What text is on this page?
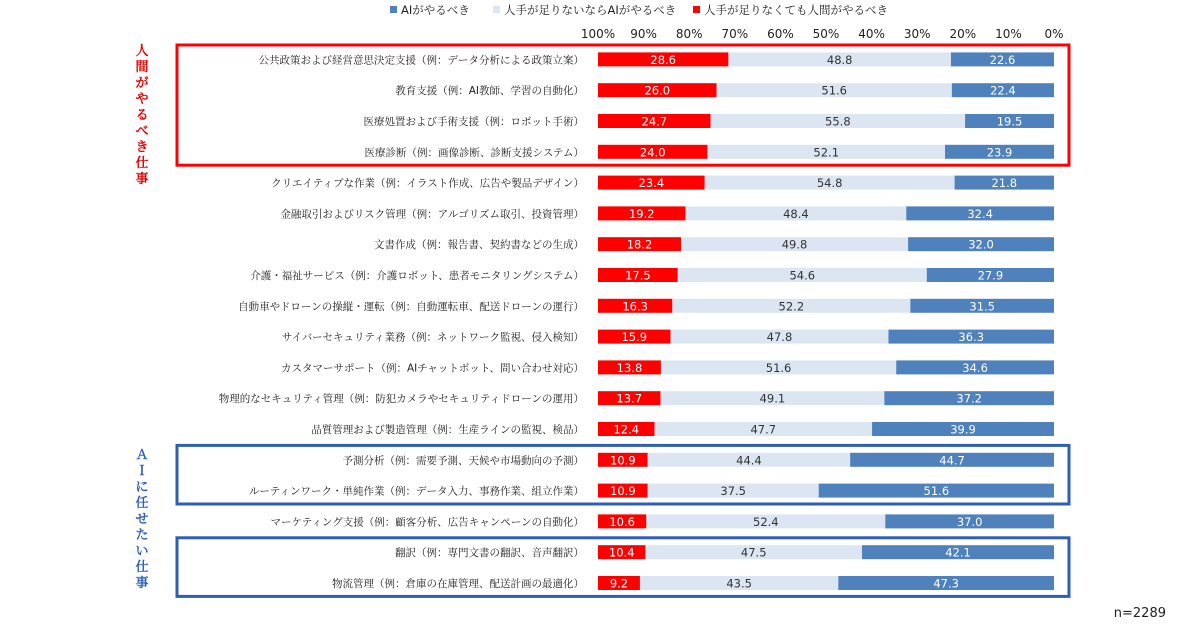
AIがやるべき	人手が足りないならAIがやるべき 人手が足りなくても人間がやるべき
100% 90% 80% 70% 60% 50% 40% 30% 20% 10% 0%
公共政策および経営意思決定支援（例：データ分析による政策立案）	28.6	48.8	22.6
教育支援（例：AI教師、学習の自動化）	26.0	51.6	22.4
医療処置および手術支援（例：ロボット手術）	24.7	55.8	19.5
医療診断（例：画像診断、診断支援システム）	24.0	52.1	23.9
クリエイティブな作業（例：イラスト作成、広告や製品デザイン）	23.4	54.8	21.8
金融取引およびリスク管理（例：アルゴリズム取引、投資管理）	19.2	48.4	32.4
文書作成（例：報告書、契約書などの生成）	18.2	49.8	32.0
介護・福祉サービス（例：介護ロボット、患者モニタリングシステム）	17.5	54.6	27.9
自動車やドローンの操縦・運転（例：自動運転車、配送ドローンの運行）	16.3	52.2	31.5
サイバーセキュリティ業務（例：ネットワーク監視、侵入検知）	15.9	47.8	36.3
カスタマーサポート（例：AIチャットボット、問い合わせ対応）	13.8	51.6	34.6
物理的なセキュリティ管理（例：防犯カメラやセキュリティドローンの運用）	13.7	49.1	37.2
品質管理および製造管理（例：生産ラインの監視、検品）	12.4	47.7	39.9
予測分析（例：需要予測、天候や市場動向の予測） 10.9	44.4	44.7
ルーティンワーク・単純作業（例：データ入力、事務作業、組立作業） 10.9	37.5	51.6
マーケティング支援（例：顧客分析、広告キャンペーンの自動化） 10.6	52.4	37.0
翻訳（例：専門文書の翻訳、音声翻訳） 10.4	47.5	42.1
物流管理（例：倉庫の在庫管理、配送計画の最適化） 9.2	43.5	47.3
人間がやるべき仕事
ＡＩに任せたい仕事
n=2289
